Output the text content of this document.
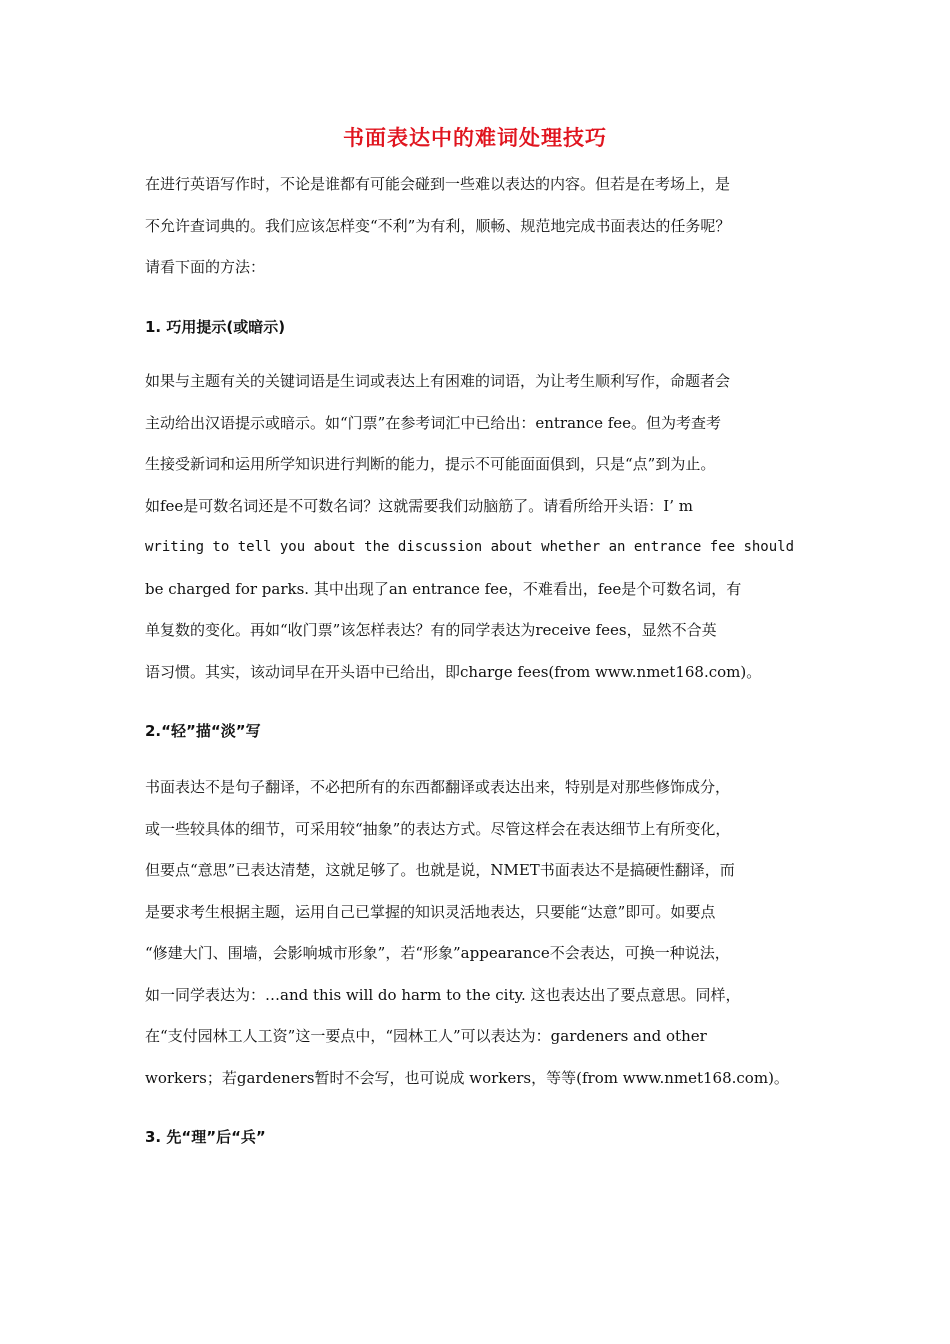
书面表达中的难词处理技巧
在进行英语写作时，不论是谁都有可能会碰到一些难以表达的内容。但若是在考场上，是
不允许查词典的。我们应该怎样变“不利”为有利，顺畅、规范地完成书面表达的任务呢？
请看下面的方法：
1. 巧用提示(或暗示)
如果与主题有关的关键词语是生词或表达上有困难的词语，为让考生顺利写作，命题者会
主动给出汉语提示或暗示。如“门票”在参考词汇中已给出：entrance fee。但为考查考
生接受新词和运用所学知识进行判断的能力，提示不可能面面俱到，只是“点”到为止。
如fee是可数名词还是不可数名词？这就需要我们动脑筋了。请看所给开头语：I’ m
writing to tell you about the discussion about whether an entrance fee should
be charged for parks. 其中出现了an entrance fee，不难看出，fee是个可数名词，有
单复数的变化。再如“收门票”该怎样表达？有的同学表达为receive fees，显然不合英
语习惯。其实，该动词早在开头语中已给出，即charge fees(from www.nmet168.com)。
2.“轻”描“淡”写
书面表达不是句子翻译，不必把所有的东西都翻译或表达出来，特别是对那些修饰成分，
或一些较具体的细节，可采用较“抽象”的表达方式。尽管这样会在表达细节上有所变化，
但要点“意思”已表达清楚，这就足够了。也就是说，NMET书面表达不是搞硬性翻译，而
是要求考生根据主题，运用自己已掌握的知识灵活地表达，只要能“达意”即可。如要点
“修建大门、围墙，会影响城市形象”，若“形象”appearance不会表达，可换一种说法，
如一同学表达为：…and this will do harm to the city. 这也表达出了要点意思。同样，
在“支付园林工人工资”这一要点中，“园林工人”可以表达为：gardeners and other
workers；若gardeners暂时不会写，也可说成 workers，等等(from www.nmet168.com)。
3. 先“理”后“兵”
